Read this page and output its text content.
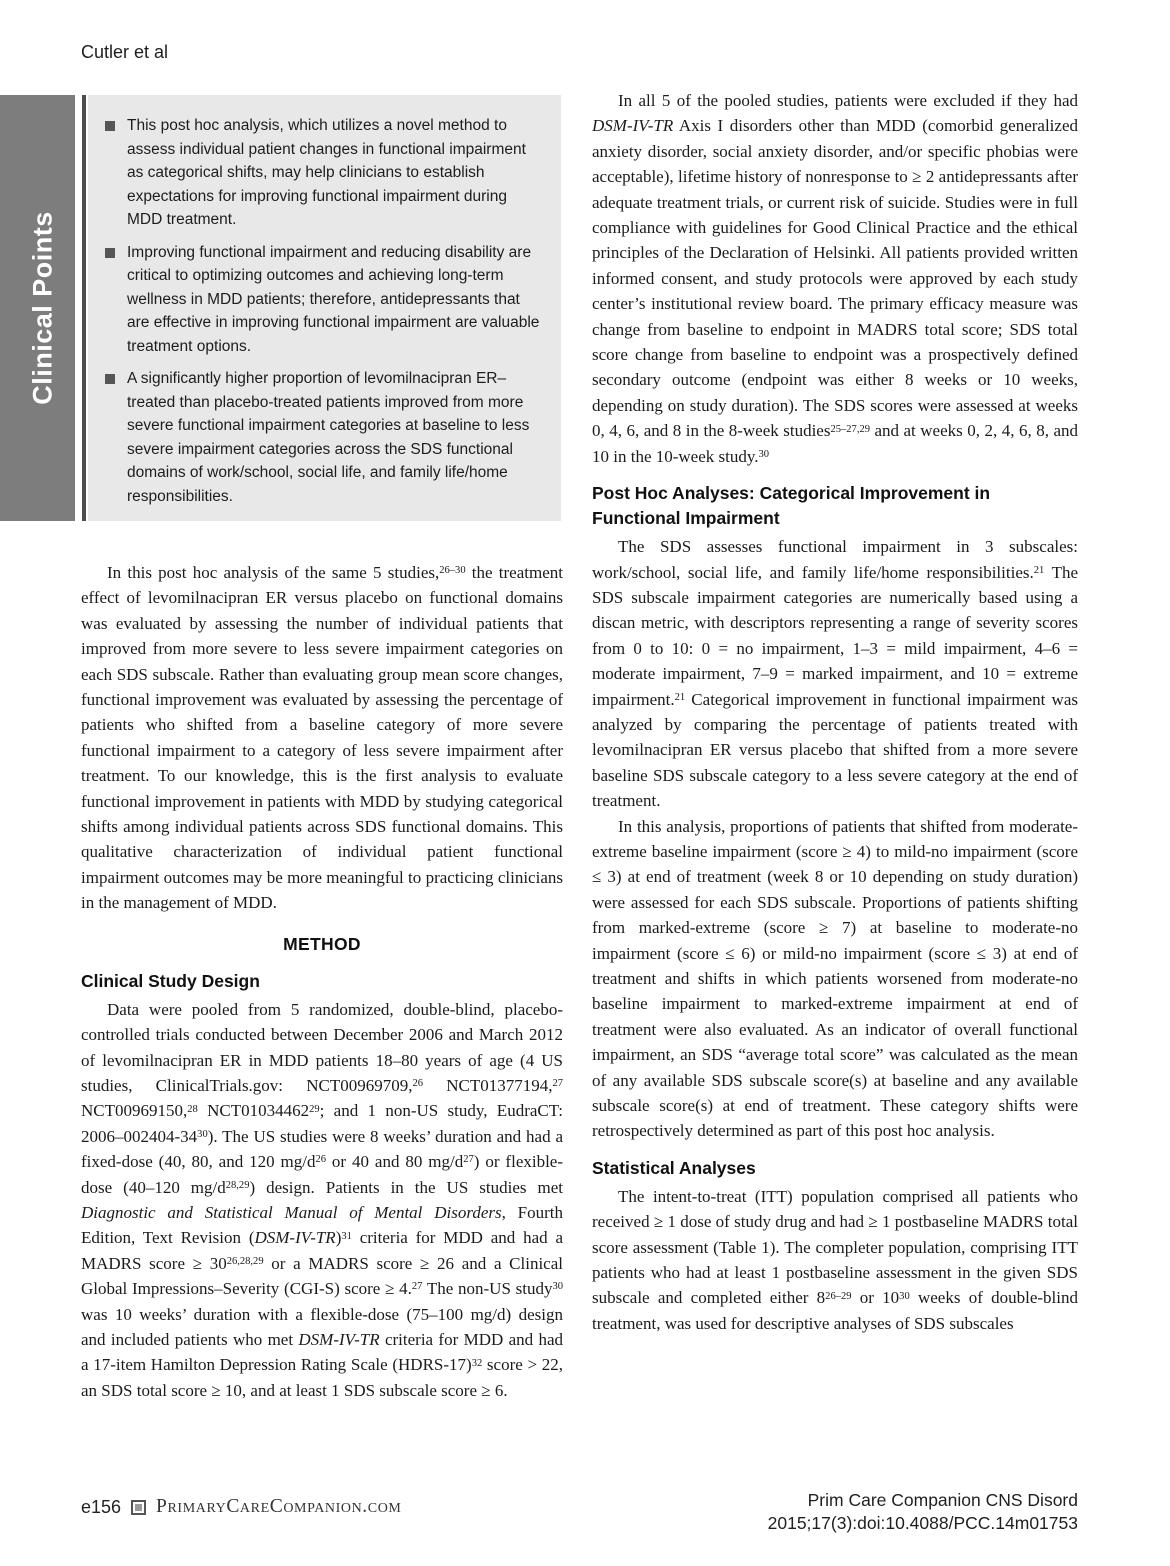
Cutler et al
Clinical Points
This post hoc analysis, which utilizes a novel method to assess individual patient changes in functional impairment as categorical shifts, may help clinicians to establish expectations for improving functional impairment during MDD treatment.
Improving functional impairment and reducing disability are critical to optimizing outcomes and achieving long-term wellness in MDD patients; therefore, antidepressants that are effective in improving functional impairment are valuable treatment options.
A significantly higher proportion of levomilnacipran ER–treated than placebo-treated patients improved from more severe functional impairment categories at baseline to less severe impairment categories across the SDS functional domains of work/school, social life, and family life/home responsibilities.

In this post hoc analysis of the same 5 studies,$^{26-30}$ the treatment effect of levomilnacipran ER versus placebo on functional domains was evaluated by assessing the number of individual patients that improved from more severe to less severe impairment categories on each SDS subscale. Rather than evaluating group mean score changes, functional improvement was evaluated by assessing the percentage of patients who shifted from a baseline category of more severe functional impairment to a category of less severe impairment after treatment. To our knowledge, this is the first analysis to evaluate functional improvement in patients with MDD by studying categorical shifts among individual patients across SDS functional domains. This qualitative characterization of individual patient functional impairment outcomes may be more meaningful to practicing clinicians in the management of MDD.

METHOD
Clinical Study Design

Data were pooled from 5 randomized, double-blind, placebo-controlled trials conducted between December 2006 and March 2012 of levomilnacipran ER in MDD patients 18–80 years of age (4 US studies, ClinicalTrials.gov: NCT00969709,26 NCT01377194,27 NCT00969150,28 NCT01034462$^{29}$; and 1 non-US study, EudraCT: $2006-002404-34^{30}$). The US studies were 8 weeks’ duration and had a fixed-dose (40, 80, and 120 $mg/d^{26}$ or 40 and 80 $mg/d^{27}$) or flexible-dose (40–120 $mg/d^{28,29}$) design. Patients in the US studies met Diagnostic and Statistical Manual of Mental Disorders, Fourth Edition, Text Revision $(DSM-IV-TR)^{31}$ criteria for MDD and had a MADRS score ≥ $30^{26,28,29}$ or a MADRS score ≥ 26 and a Clinical Global Impressions–Severity (CGI-S) score ≥ 4.27 The non-US study$^{30}$ was 10 weeks’ duration with a flexible-dose (75–100 mg/d) design and included patients who met DSM-IV-TR criteria for MDD and had a 17-item Hamilton Depression Rating Scale (HDRS-17)$^{32}$ score > 22, an SDS total score ≥ 10, and at least 1 SDS subscale score ≥ 6.

In all 5 of the pooled studies, patients were excluded if they had DSM-IV-TR Axis I disorders other than MDD (comorbid generalized anxiety disorder, social anxiety disorder, and/or specific phobias were acceptable), lifetime history of nonresponse to ≥ 2 antidepressants after adequate treatment trials, or current risk of suicide. Studies were in full compliance with guidelines for Good Clinical Practice and the ethical principles of the Declaration of Helsinki. All patients provided written informed consent, and study protocols were approved by each study center’s institutional review board. The primary efficacy measure was change from baseline to endpoint in MADRS total score; SDS total score change from baseline to endpoint was a prospectively defined secondary outcome (endpoint was either 8 weeks or 10 weeks, depending on study duration). The SDS scores were assessed at weeks 0, 4, 6, and 8 in the 8-week studies$^{25-27,29}$ and at weeks 0, 2, 4, 6, 8, and 10 in the 10-week study.$^{30}$

Post Hoc Analyses: Categorical Improvement in Functional Impairment

The SDS assesses functional impairment in 3 subscales: work/school, social life, and family life/home responsibilities.$^{21}$ The SDS subscale impairment categories are numerically based using a discan metric, with descriptors representing a range of severity scores from 0 to 10: 0 = no impairment, 1–3 = mild impairment, 4–6 = moderate impairment, 7–9 = marked impairment, and 10 = extreme impairment.$^{21}$ Categorical improvement in functional impairment was analyzed by comparing the percentage of patients treated with levomilnacipran ER versus placebo that shifted from a more severe baseline SDS subscale category to a less severe category at the end of treatment.

In this analysis, proportions of patients that shifted from moderate-extreme baseline impairment (score ≥ 4) to mild-no impairment (score ≤ 3) at end of treatment (week 8 or 10 depending on study duration) were assessed for each SDS subscale. Proportions of patients shifting from marked-extreme (score ≥ 7) at baseline to moderate-no impairment (score ≤ 6) or mild-no impairment (score ≤ 3) at end of treatment and shifts in which patients worsened from moderate-no baseline impairment to marked-extreme impairment at end of treatment were also evaluated. As an indicator of overall functional impairment, an SDS “average total score” was calculated as the mean of any available SDS subscale score(s) at baseline and any available subscale score(s) at end of treatment. These category shifts were retrospectively determined as part of this post hoc analysis.

Statistical Analyses

The intent-to-treat (ITT) population comprised all patients who received ≥ 1 dose of study drug and had ≥ 1 postbaseline MADRS total score assessment (Table 1). The completer population, comprising ITT patients who had at least 1 postbaseline assessment in the given SDS subscale and completed either 8$^{26-29}$ or $10^{30}$ weeks of double-blind treatment, was used for descriptive analyses of SDS subscales

e156 PrimaryCareCompanion.com	Prim Care Companion CNS Disord
2015;17(3):doi:10.4088/PCC.14m01753
